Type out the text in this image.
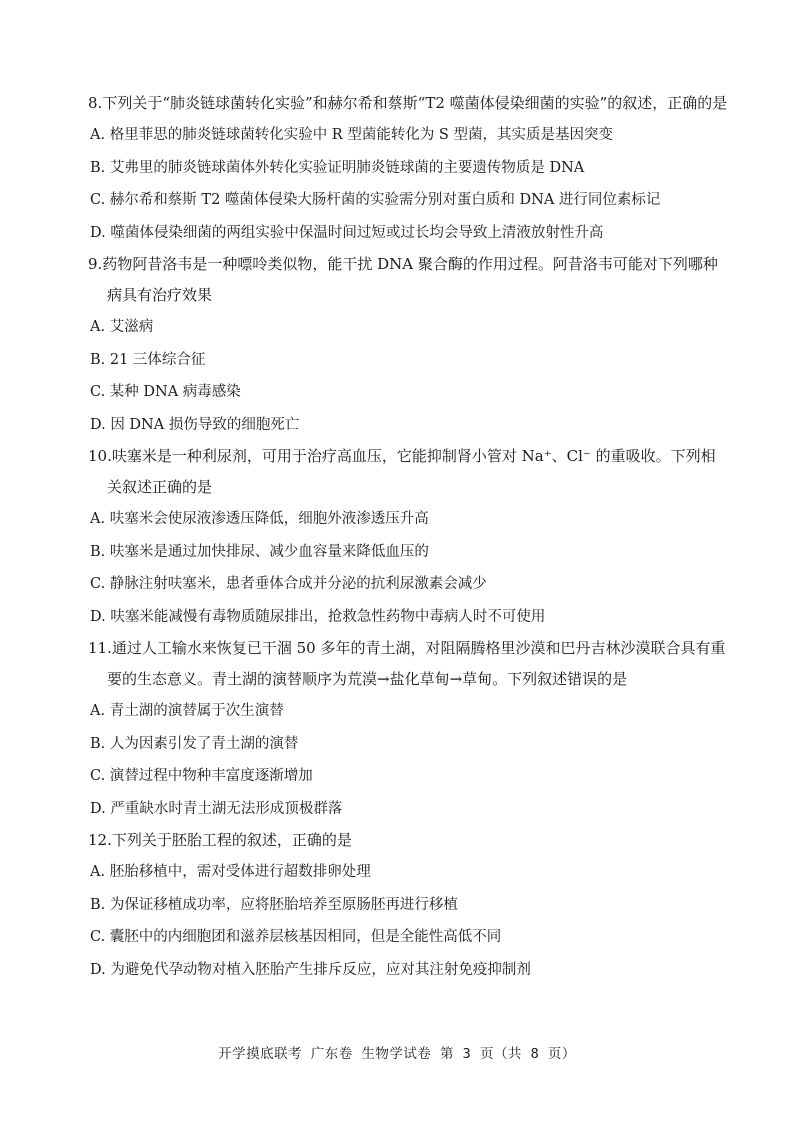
8.下列关于“肺炎链球菌转化实验”和赫尔希和蔡斯“T2 噬菌体侵染细菌的实验”的叙述，正确的是

A. 格里菲思的肺炎链球菌转化实验中 R 型菌能转化为 S 型菌，其实质是基因突变
B. 艾弗里的肺炎链球菌体外转化实验证明肺炎链球菌的主要遗传物质是 DNA
C. 赫尔希和蔡斯 T2 噬菌体侵染大肠杆菌的实验需分别对蛋白质和 DNA 进行同位素标记
D. 噬菌体侵染细菌的两组实验中保温时间过短或过长均会导致上清液放射性升高

9.药物阿昔洛韦是一种嘌呤类似物，能干扰 DNA 聚合酶的作用过程。阿昔洛韦可能对下列哪种病具有治疗效果

A. 艾滋病
B. 21 三体综合征
C. 某种 DNA 病毒感染
D. 因 DNA 损伤导致的细胞死亡

10.呋塞米是一种利尿剂，可用于治疗高血压，它能抑制肾小管对 Na⁺、Cl⁻ 的重吸收。下列相关叙述正确的是

A. 呋塞米会使尿液渗透压降低，细胞外液渗透压升高
B. 呋塞米是通过加快排尿、减少血容量来降低血压的
C. 静脉注射呋塞米，患者垂体合成并分泌的抗利尿激素会减少
D. 呋塞米能减慢有毒物质随尿排出，抢救急性药物中毒病人时不可使用

11.通过人工输水来恢复已干涸 50 多年的青土湖，对阻隔腾格里沙漠和巴丹吉林沙漠联合具有重要的生态意义。青土湖的演替顺序为荒漠→盐化草甸→草甸。下列叙述错误的是

A. 青土湖的演替属于次生演替
B. 人为因素引发了青土湖的演替
C. 演替过程中物种丰富度逐渐增加
D. 严重缺水时青土湖无法形成顶极群落

12.下列关于胚胎工程的叙述，正确的是

A. 胚胎移植中，需对受体进行超数排卵处理
B. 为保证移植成功率，应将胚胎培养至原肠胚再进行移植
C. 囊胚中的内细胞团和滋养层核基因相同，但是全能性高低不同
D. 为避免代孕动物对植入胚胎产生排斥反应，应对其注射免疫抑制剂
开学摸底联考 广东卷 生物学试卷 第 3 页（共 8 页）
